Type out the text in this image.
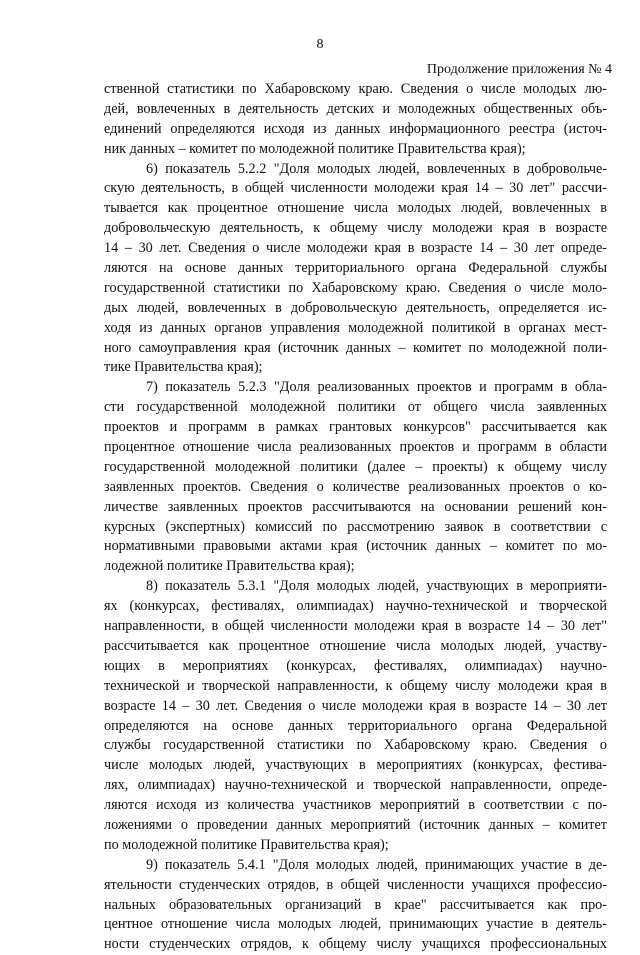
8
Продолжение приложения № 4
ственной статистики по Хабаровскому краю. Сведения о числе молодых лю-
дей, вовлеченных в деятельность детских и молодежных общественных объ-
единений определяются исходя из данных информационного реестра (источ-
ник данных – комитет по молодежной политике Правительства края);
6) показатель 5.2.2 "Доля молодых людей, вовлеченных в добровольче-
скую деятельность, в общей численности молодежи края 14 – 30 лет" рассчи-
тывается как процентное отношение числа молодых людей, вовлеченных в
добровольческую деятельность, к общему числу молодежи края в возрасте
14 – 30 лет. Сведения о числе молодежи края в возрасте 14 – 30 лет опреде-
ляются на основе данных территориального органа Федеральной службы
государственной статистики по Хабаровскому краю. Сведения о числе моло-
дых людей, вовлеченных в добровольческую деятельность, определяется ис-
ходя из данных органов управления молодежной политикой в органах мест-
ного самоуправления края (источник данных – комитет по молодежной поли-
тике Правительства края);
7) показатель 5.2.3 "Доля реализованных проектов и программ в обла-
сти государственной молодежной политики от общего числа заявленных
проектов и программ в рамках грантовых конкурсов" рассчитывается как
процентное отношение числа реализованных проектов и программ в области
государственной молодежной политики (далее – проекты) к общему числу
заявленных проектов. Сведения о количестве реализованных проектов о ко-
личестве заявленных проектов рассчитываются на основании решений кон-
курсных (экспертных) комиссий по рассмотрению заявок в соответствии с
нормативными правовыми актами края (источник данных – комитет по мо-
лодежной политике Правительства края);
8) показатель 5.3.1 "Доля молодых людей, участвующих в мероприяти-
ях (конкурсах, фестивалях, олимпиадах) научно-технической и творческой
направленности, в общей численности молодежи края в возрасте 14 – 30 лет"
рассчитывается как процентное отношение числа молодых людей, участву-
ющих в мероприятиях (конкурсах, фестивалях, олимпиадах) научно-
технической и творческой направленности, к общему числу молодежи края в
возрасте 14 – 30 лет. Сведения о числе молодежи края в возрасте 14 – 30 лет
определяются на основе данных территориального органа Федеральной
службы государственной статистики по Хабаровскому краю. Сведения о
числе молодых людей, участвующих в мероприятиях (конкурсах, фестива-
лях, олимпиадах) научно-технической и творческой направленности, опреде-
ляются исходя из количества участников мероприятий в соответствии с по-
ложениями о проведении данных мероприятий (источник данных – комитет
по молодежной политике Правительства края);
9) показатель 5.4.1 "Доля молодых людей, принимающих участие в де-
ятельности студенческих отрядов, в общей численности учащихся профессио-
нальных образовательных организаций в крае" рассчитывается как про-
центное отношение числа молодых людей, принимающих участие в деятель-
ности студенческих отрядов, к общему числу учащихся профессиональных
